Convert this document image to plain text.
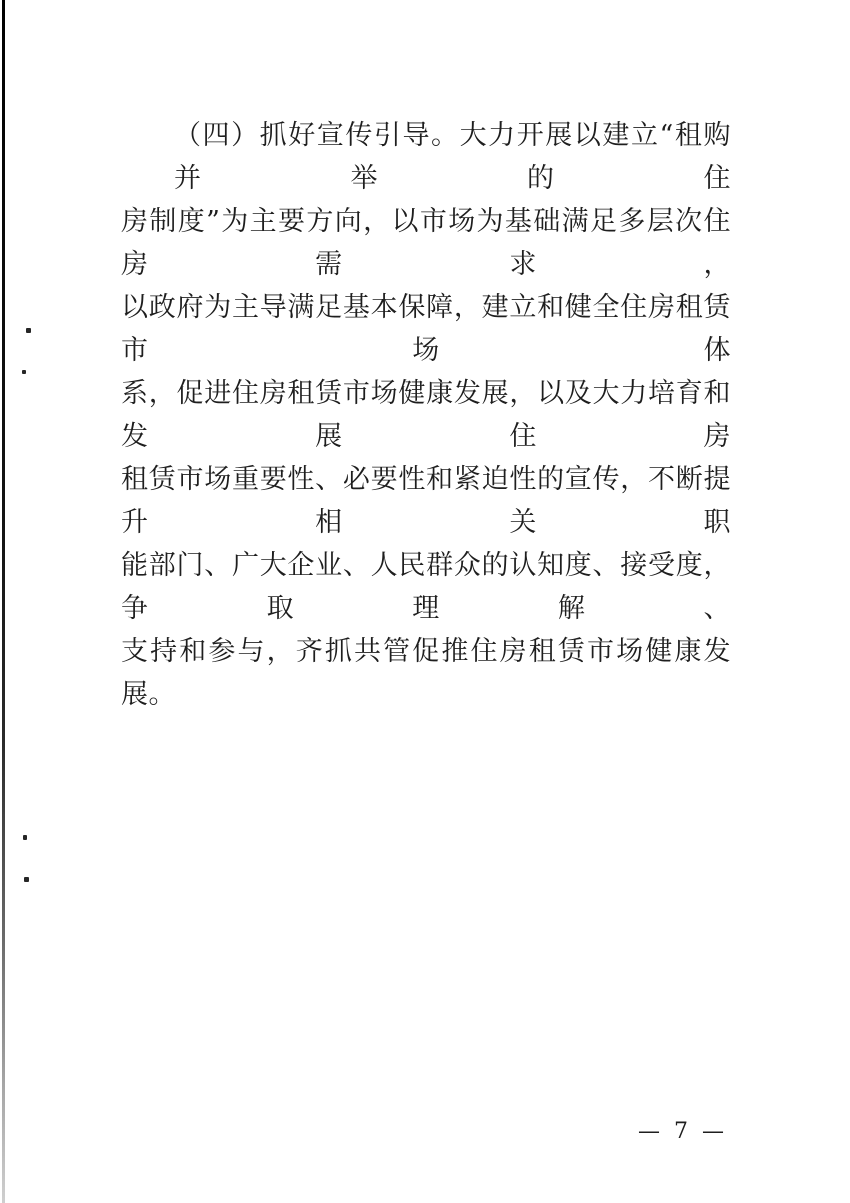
（四）抓好宣传引导。大力开展以建立“租购并举的住
房制度”为主要方向，以市场为基础满足多层次住房需求，
以政府为主导满足基本保障，建立和健全住房租赁市场体
系，促进住房租赁市场健康发展，以及大力培育和发展住房
租赁市场重要性、必要性和紧迫性的宣传，不断提升相关职
能部门、广大企业、人民群众的认知度、接受度，争取理解、
支持和参与，齐抓共管促推住房租赁市场健康发展。
— 7 —
